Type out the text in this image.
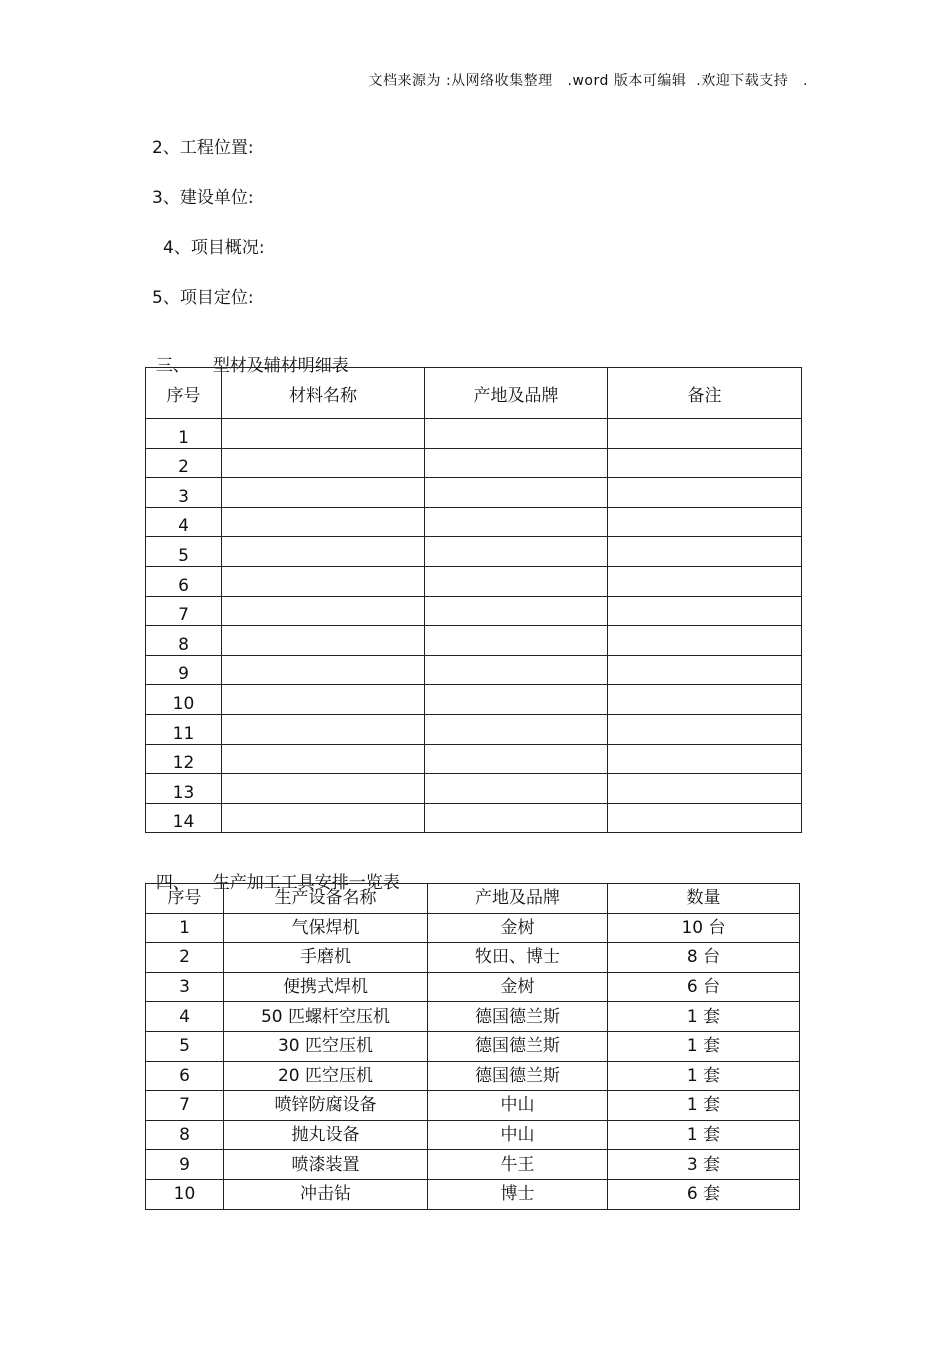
文档来源为 :从网络收集整理   .word 版本可编辑  .欢迎下载支持   .
2、工程位置:
3、建设单位:
4、项目概况:
5、项目定位:

三、 型材及辅材明细表

序号	材料名称	产地及品牌	备注
1			
2			
3			
4			
5			
6			
7			
8			
9			
10			
11			
12			
13			
14			

四、 生产加工工具安排一览表

序号	生产设备名称	产地及品牌	数量
1	气保焊机	金树	10 台
2	手磨机	牧田、博士	8 台
3	便携式焊机	金树	6 台
4	50 匹螺杆空压机	德国德兰斯	1 套
5	30 匹空压机	德国德兰斯	1 套
6	20 匹空压机	德国德兰斯	1 套
7	喷锌防腐设备	中山	1 套
8	抛丸设备	中山	1 套
9	喷漆装置	牛王	3 套
10	冲击钻	博士	6 套
